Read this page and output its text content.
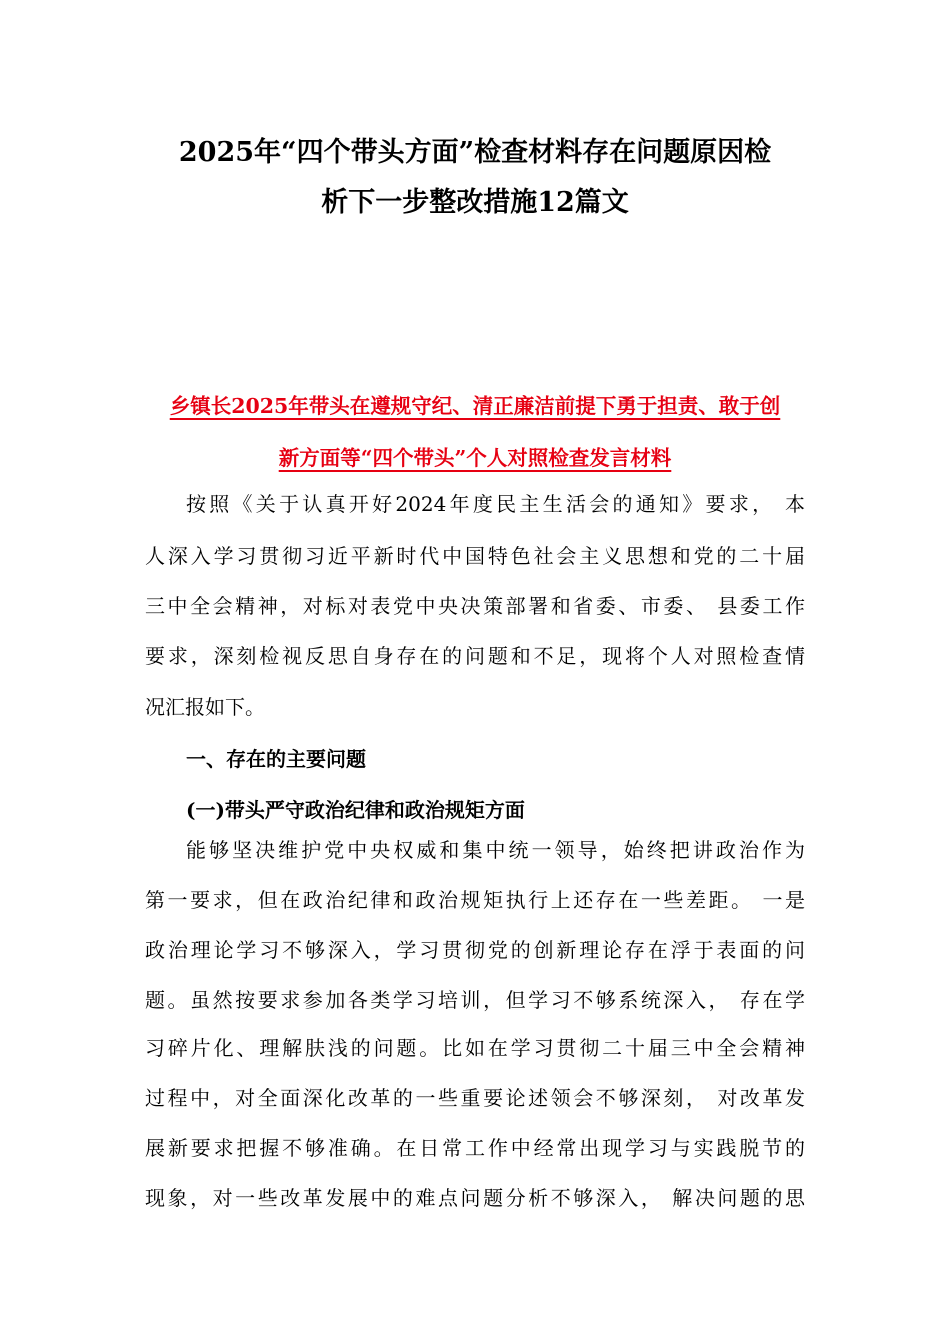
2025年“四个带头方面”检查材料存在问题原因检
析下一步整改措施12篇文
乡镇长2025年带头在遵规守纪、清正廉洁前提下勇于担责、敢于创
新方面等“四个带头”个人对照检查发言材料
按照《关于认真开好2024年度民主生活会的通知》要求， 本
人深入学习贯彻习近平新时代中国特色社会主义思想和党的二十届
三中全会精神，对标对表党中央决策部署和省委、市委、 县委工作
要求，深刻检视反思自身存在的问题和不足，现将个人对照检查情
况汇报如下。
一、存在的主要问题
(一)带头严守政治纪律和政治规矩方面
能够坚决维护党中央权威和集中统一领导，始终把讲政治作为
第一要求，但在政治纪律和政治规矩执行上还存在一些差距。 一是
政治理论学习不够深入，学习贯彻党的创新理论存在浮于表面的问
题。虽然按要求参加各类学习培训，但学习不够系统深入， 存在学
习碎片化、理解肤浅的问题。比如在学习贯彻二十届三中全会精神
过程中，对全面深化改革的一些重要论述领会不够深刻， 对改革发
展新要求把握不够准确。在日常工作中经常出现学习与实践脱节的
现象，对一些改革发展中的难点问题分析不够深入， 解决问题的思
